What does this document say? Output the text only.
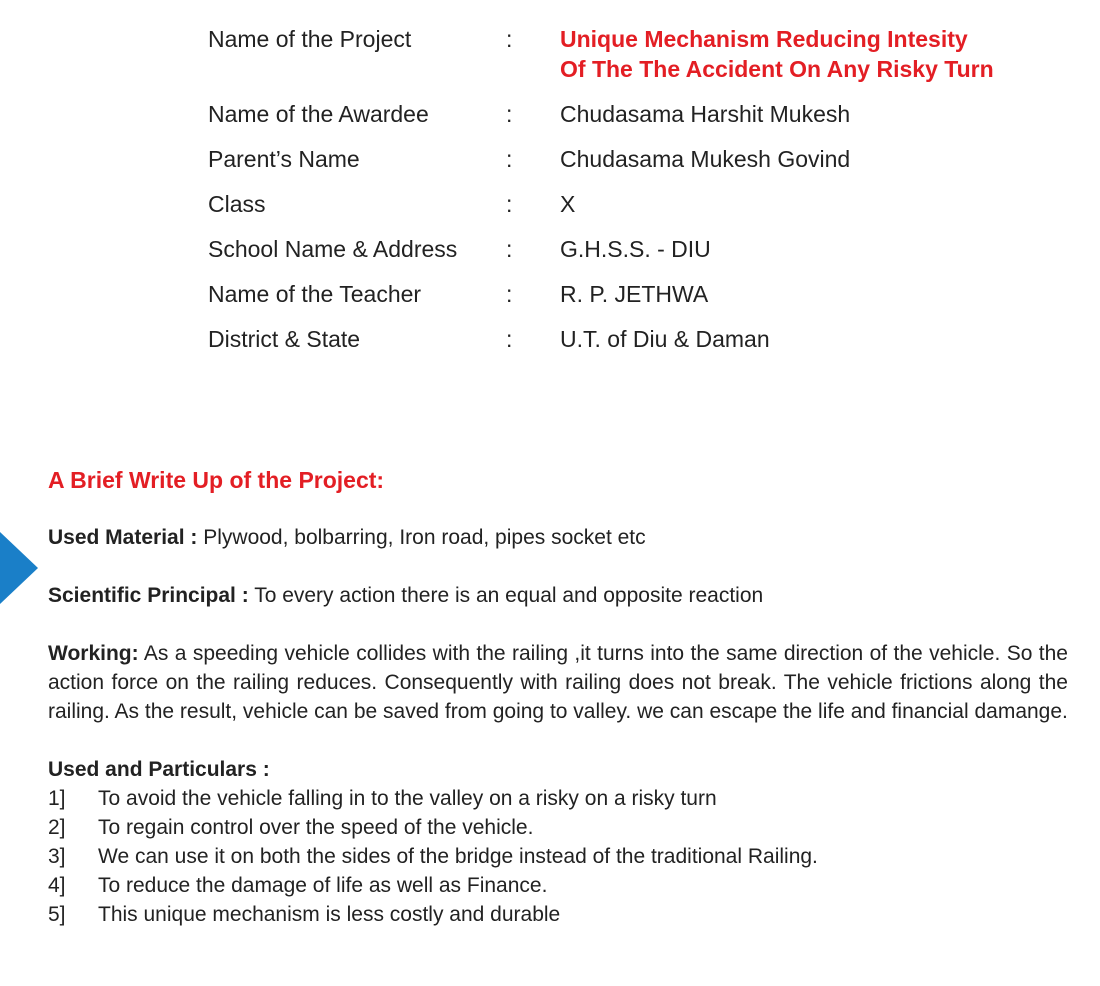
Name of the Project	:	Unique Mechanism Reducing Intesity
Of The The Accident On Any Risky Turn
Name of the Awardee	:	Chudasama Harshit Mukesh
Parent’s Name	:	Chudasama Mukesh Govind
Class	:	X
School Name & Address	:	G.H.S.S. - DIU
Name of the Teacher	:	R. P. JETHWA
District & State	:	U.T. of Diu & Daman
A Brief Write Up of the Project:

Used Material : Plywood, bolbarring, Iron road, pipes socket etc

Scientific Principal : To every action there is an equal and opposite reaction

Working: As a speeding vehicle collides with the railing ,it turns into the same direction of the vehicle. So the action force on the railing reduces. Consequently with railing does not break. The vehicle frictions along the railing. As the result, vehicle can be saved from going to valley. we can escape the life and financial damange.

Used and Particulars :

1]	To avoid the vehicle falling in to the valley on a risky on a risky turn
2]	To regain control over the speed of the vehicle.
3]	We can use it on both the sides of the bridge instead of the traditional Railing.
4]	To reduce the damage of life as well as Finance.
5]	This unique mechanism is less costly and durable
